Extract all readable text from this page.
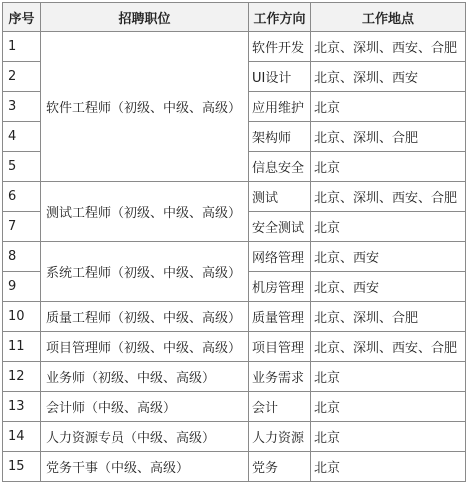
序号	招聘职位	工作方向	工作地点
1	软件工程师（初级、中级、高级）	软件开发	北京、深圳、西安、合肥
2		UI设计	北京、深圳、西安
3		应用维护	北京
4		架构师	北京、深圳、合肥
5		信息安全	北京
6	测试工程师（初级、中级、高级）	测试	北京、深圳、西安、合肥
7		安全测试	北京
8	系统工程师（初级、中级、高级）	网络管理	北京、西安
9		机房管理	北京、西安
10	质量工程师（初级、中级、高级）	质量管理	北京、深圳、合肥
11	项目管理师（初级、中级、高级）	项目管理	北京、深圳、西安、合肥
12	业务师（初级、中级、高级）	业务需求	北京
13	会计师（中级、高级）	会计	北京
14	人力资源专员（中级、高级）	人力资源	北京
15	党务干事（中级、高级）	党务	北京
